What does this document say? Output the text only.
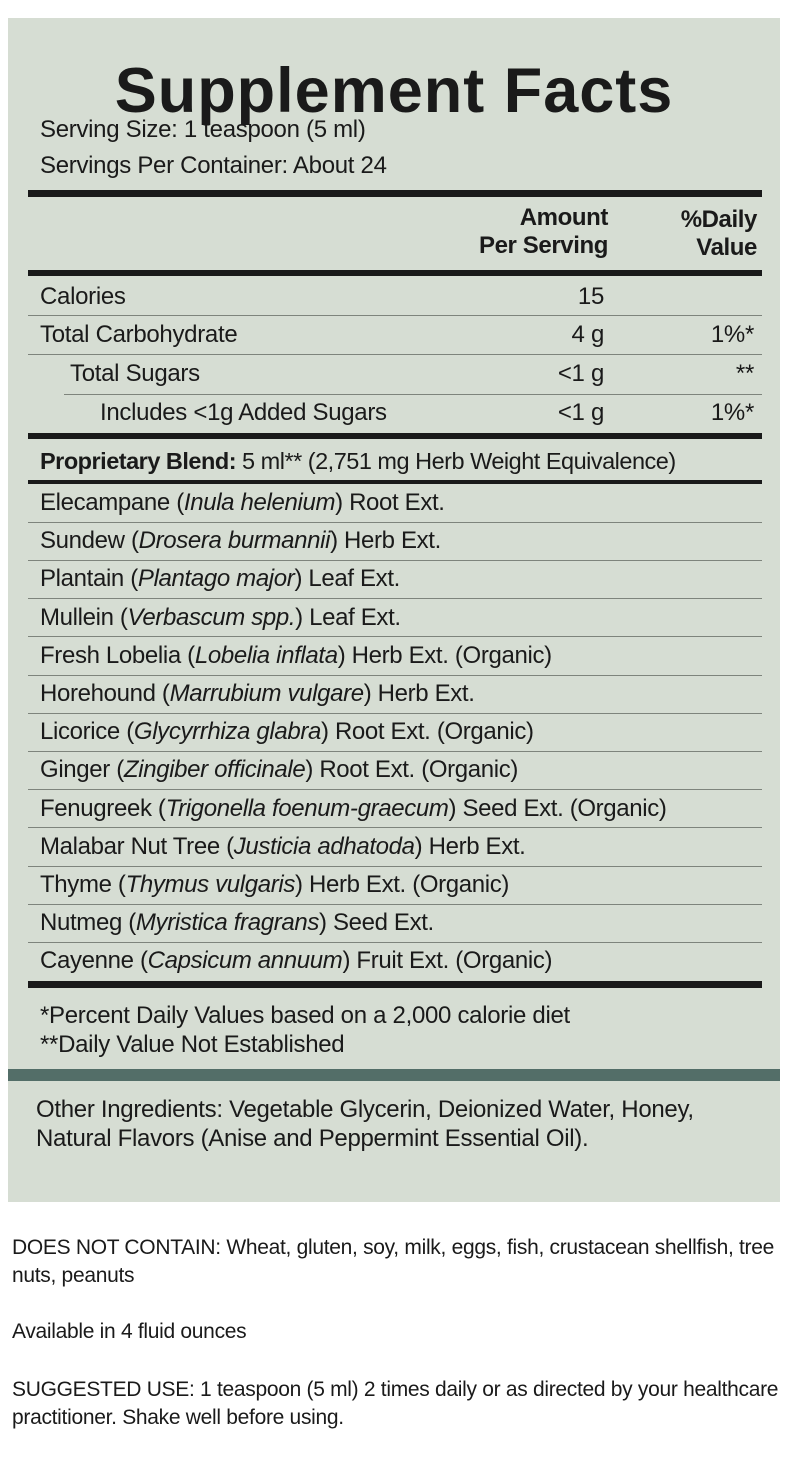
Supplement Facts
Serving Size: 1 teaspoon (5 ml)
Servings Per Container: About 24
Amount
Per Serving
%Daily
Value
Calories	15
Total Carbohydrate	4 g	1%*
Total Sugars	<1 g	**
Includes <1g Added Sugars	<1 g	1%*
Proprietary Blend: 5 ml** (2,751 mg Herb Weight Equivalence)
Elecampane (Inula helenium) Root Ext.
Sundew (Drosera burmannii) Herb Ext.
Plantain (Plantago major) Leaf Ext.
Mullein (Verbascum spp.) Leaf Ext.
Fresh Lobelia (Lobelia inflata) Herb Ext. (Organic)
Horehound (Marrubium vulgare) Herb Ext.
Licorice (Glycyrrhiza glabra) Root Ext. (Organic)
Ginger (Zingiber officinale) Root Ext. (Organic)
Fenugreek (Trigonella foenum-graecum) Seed Ext. (Organic)
Malabar Nut Tree (Justicia adhatoda) Herb Ext.
Thyme (Thymus vulgaris) Herb Ext. (Organic)
Nutmeg (Myristica fragrans) Seed Ext.
Cayenne (Capsicum annuum) Fruit Ext. (Organic)
*Percent Daily Values based on a 2,000 calorie diet
**Daily Value Not Established
Other Ingredients: Vegetable Glycerin, Deionized Water, Honey, Natural Flavors (Anise and Peppermint Essential Oil).
DOES NOT CONTAIN: Wheat, gluten, soy, milk, eggs, fish, crustacean shellfish, tree nuts, peanuts
Available in 4 fluid ounces
SUGGESTED USE: 1 teaspoon (5 ml) 2 times daily or as directed by your healthcare practitioner. Shake well before using.
